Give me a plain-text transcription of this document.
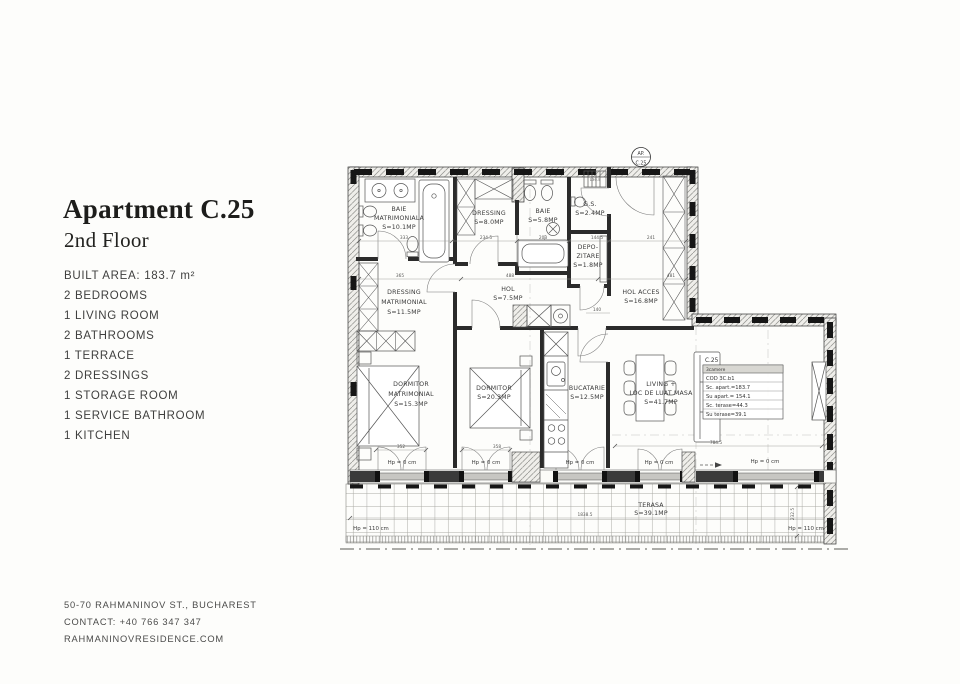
Apartment C.25
2nd Floor
BUILT AREA: 183.7 m²
2 BEDROOMS
1 LIVING ROOM
2 BATHROOMS
1 TERRACE
2 DRESSINGS
1 STORAGE ROOM
1 SERVICE BATHROOM
1 KITCHEN
50-70 RAHMANINOV ST., BUCHAREST
CONTACT: +40 766 347 347
RAHMANINOVRESIDENCE.COM
AP.
C.25
C.25
3camere
COD 3C.b1
Sc. apart.=183.7
Su apart.= 154.1
Sc. terase=44.3
Su terase=39.1
BAIE
MATRIMONIALA
S=10.1MP
DRESSING
S=8.0MP
BAIE
S=5.8MP
G.S.
S=2.4MP
DEPO-
ZITARE
S=1.8MP
HOL ACCES
S=16.8MP
HOL
S=7.5MP
DRESSING
MATRIMONIAL
S=11.5MP
DORMITOR
MATRIMONIAL
S=15.3MP
DORMITOR
S=20.3MP
BUCATARIE
S=12.5MP
LIVING +
LOC DE LUAT MASA
S=41.7MP
TERASA
S=39.1MP
Hp = 0 cm	Hp = 0 cm	Hp = 0 cm	Hp = 0 cm	Hp = 0 cm
Hp = 110 cm	Hp = 110 cm
333	234.5	203	144.5	241
365	488	481
140
352	358
784.5
1838.5
139.5
232.5
